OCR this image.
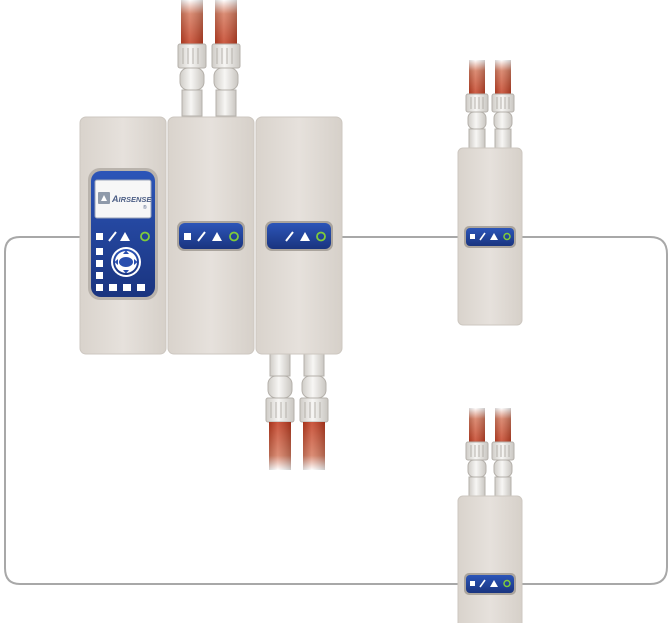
AIRSENSE
®
